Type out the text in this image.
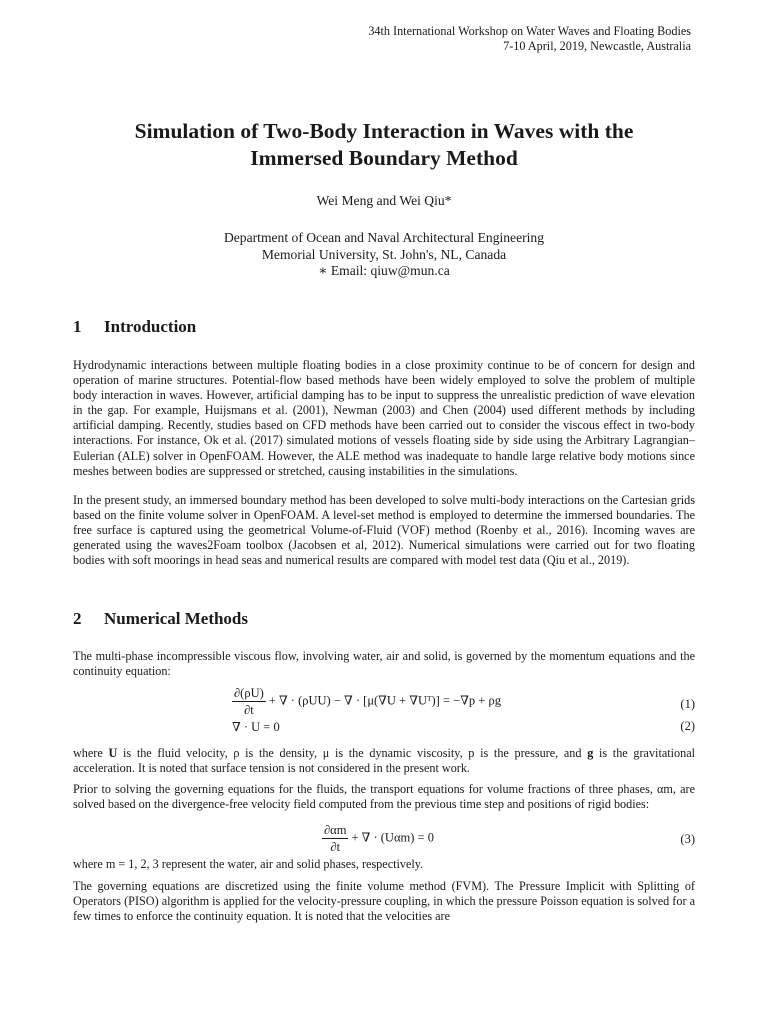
34th International Workshop on Water Waves and Floating Bodies
7-10 April, 2019, Newcastle, Australia
Simulation of Two-Body Interaction in Waves with the
Immersed Boundary Method
Wei Meng and Wei Qiu*
Department of Ocean and Naval Architectural Engineering
Memorial University, St. John's, NL, Canada
∗ Email: qiuw@mun.ca
1 Introduction

Hydrodynamic interactions between multiple floating bodies in a close proximity continue to be of concern for design and operation of marine structures. Potential-flow based methods have been widely employed to solve the problem of multiple body interaction in waves. However, artificial damping has to be input to suppress the unrealistic prediction of wave elevation in the gap. For example, Huijsmans et al. (2001), Newman (2003) and Chen (2004) used different methods by including artificial damping. Recently, studies based on CFD methods have been carried out to consider the viscous effect in two-body interactions. For instance, Ok et al. (2017) simulated motions of vessels floating side by side using the Arbitrary Lagrangian–Eulerian (ALE) solver in OpenFOAM. However, the ALE method was inadequate to handle large relative body motions since meshes between bodies are suppressed or stretched, causing instabilities in the simulations.

In the present study, an immersed boundary method has been developed to solve multi-body interactions on the Cartesian grids based on the finite volume solver in OpenFOAM. A level-set method is employed to determine the immersed boundaries. The free surface is captured using the geometrical Volume-of-Fluid (VOF) method (Roenby et al., 2016). Incoming waves are generated using the waves2Foam toolbox (Jacobsen et al, 2012). Numerical simulations were carried out for two floating bodies with soft moorings in head seas and numerical results are compared with model test data (Qiu et al., 2019).

2 Numerical Methods

The multi-phase incompressible viscous flow, involving water, air and solid, is governed by the momentum equations and the continuity equation:

$\frac{\partial(\rho U)}{\partial t}$ + ∇ · (ρUU) − ∇ · [μ(∇U + ∇Uᵀ)] = −∇p + ρg	(1)
∇ · U = 0	(2)

where U is the fluid velocity, ρ is the density, μ is the dynamic viscosity, p is the pressure, and g is the gravitational acceleration. It is noted that surface tension is not considered in the present work.

Prior to solving the governing equations for the fluids, the transport equations for volume fractions of three phases, αm, are solved based on the divergence-free velocity field computed from the previous time step and positions of rigid bodies:

$\frac{\partial\alpha m}{\partial t}$ + ∇ · (Uαm) = 0	(3)

where m = 1, 2, 3 represent the water, air and solid phases, respectively.

The governing equations are discretized using the finite volume method (FVM). The Pressure Implicit with Splitting of Operators (PISO) algorithm is applied for the velocity-pressure coupling, in which the pressure Poisson equation is solved for a few times to enforce the continuity equation. It is noted that the velocities are
